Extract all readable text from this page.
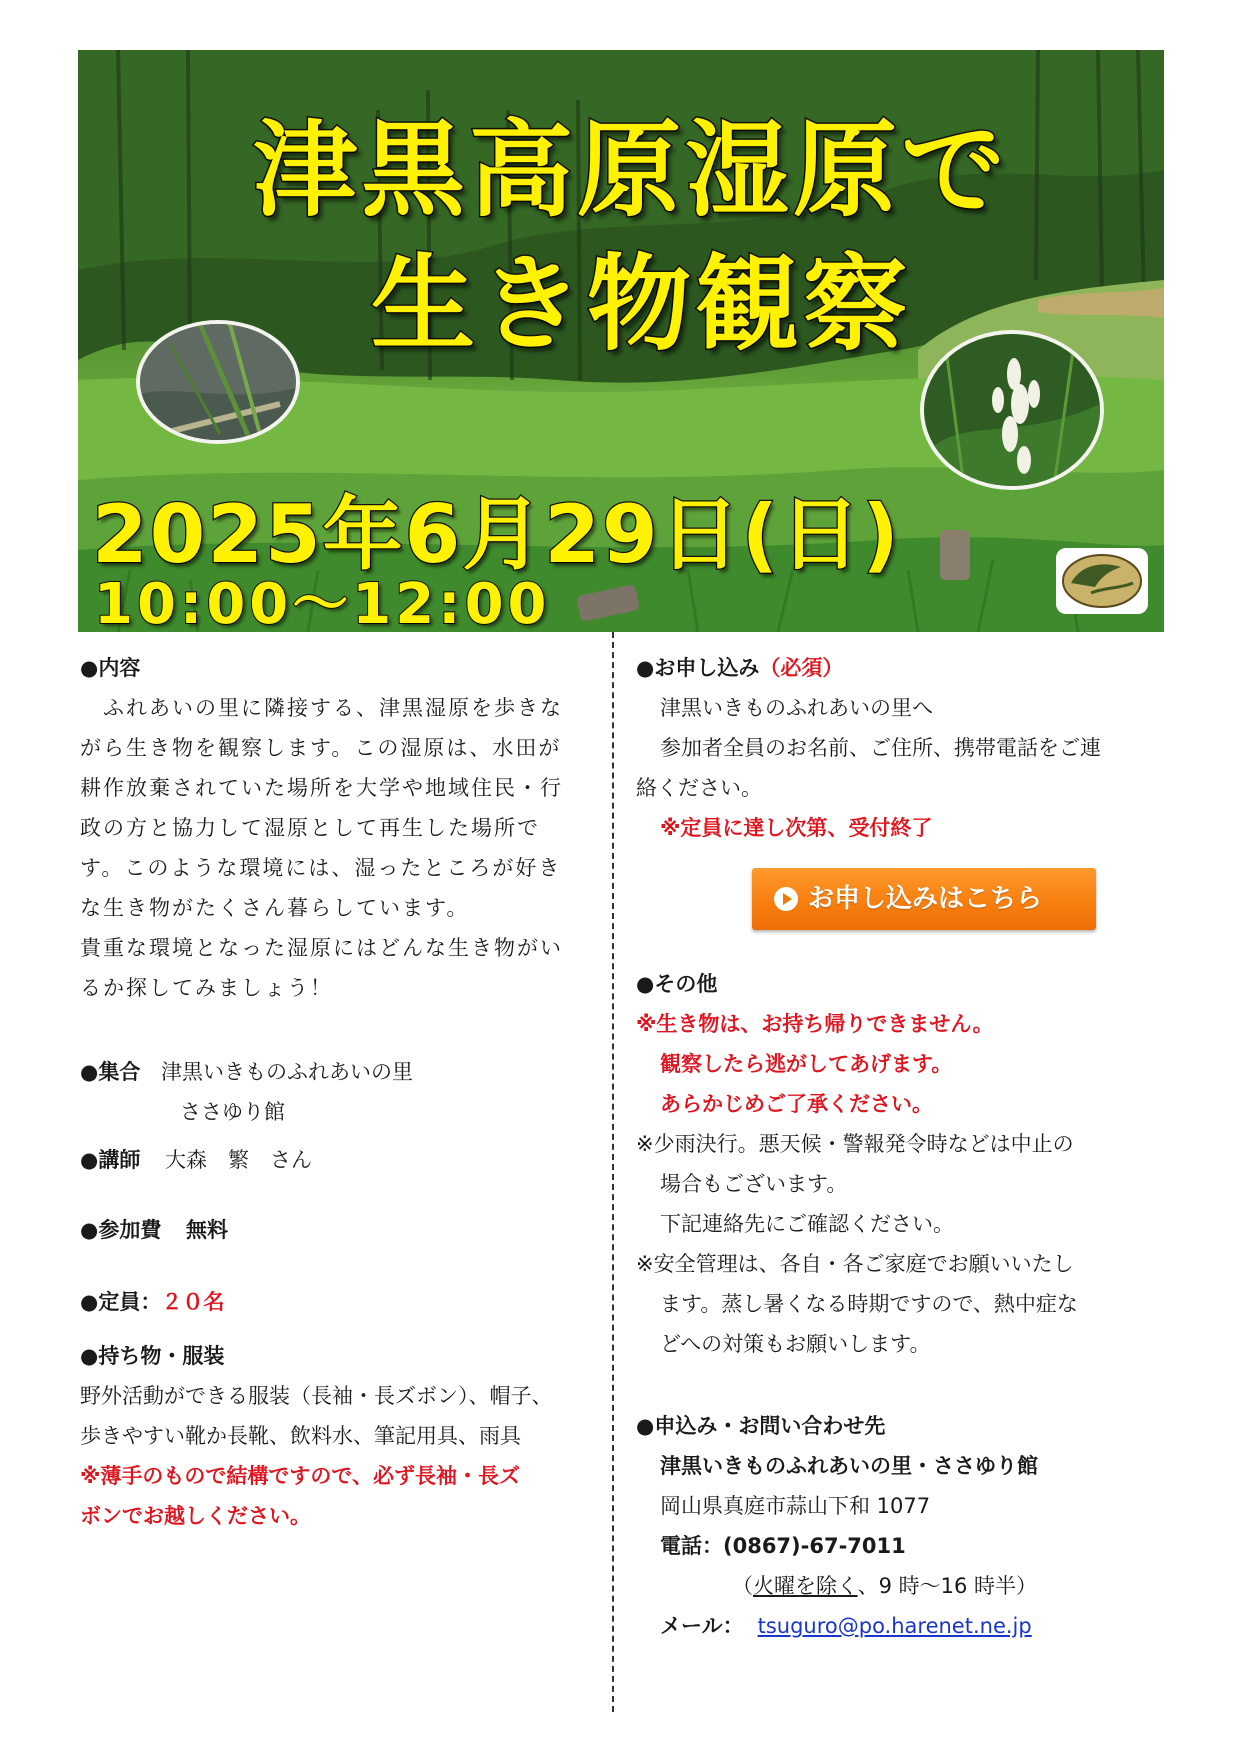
津黒高原湿原で
生き物観察
2025年6月29日(日)
10:00～12:00
●内容
　ふれあいの里に隣接する、津黒湿原を歩きな
がら生き物を観察します。この湿原は、水田が
耕作放棄されていた場所を大学や地域住民・行
政の方と協力して湿原として再生した場所で
す。このような環境には、湿ったところが好き
な生き物がたくさん暮らしています。
貴重な環境となった湿原にはどんな生き物がい
るか探してみましょう！
●集合 津黒いきものふれあいの里
ささゆり館
●講師 大森　繁　さん
●参加費 無料
●定員：２０名
●持ち物・服装
野外活動ができる服装（長袖・長ズボン）、帽子、
歩きやすい靴か長靴、飲料水、筆記用具、雨具
※薄手のもので結構ですので、必ず長袖・長ズ
ボンでお越しください。
●お申し込み（必須）
津黒いきものふれあいの里へ
参加者全員のお名前、ご住所、携帯電話をご連
絡ください。
※定員に達し次第、受付終了
お申し込みはこちら
●その他
※生き物は、お持ち帰りできません。
観察したら逃がしてあげます。
あらかじめご了承ください。
※少雨決行。悪天候・警報発令時などは中止の
場合もございます。
下記連絡先にご確認ください。
※安全管理は、各自・各ご家庭でお願いいたし
ます。蒸し暑くなる時期ですので、熱中症な
どへの対策もお願いします。
●申込み・お問い合わせ先
津黒いきものふれあいの里・ささゆり館
岡山県真庭市蒜山下和 1077
電話：(0867)-67-7011
（火曜を除く、9 時～16 時半）
メール： tsuguro@po.harenet.ne.jp
